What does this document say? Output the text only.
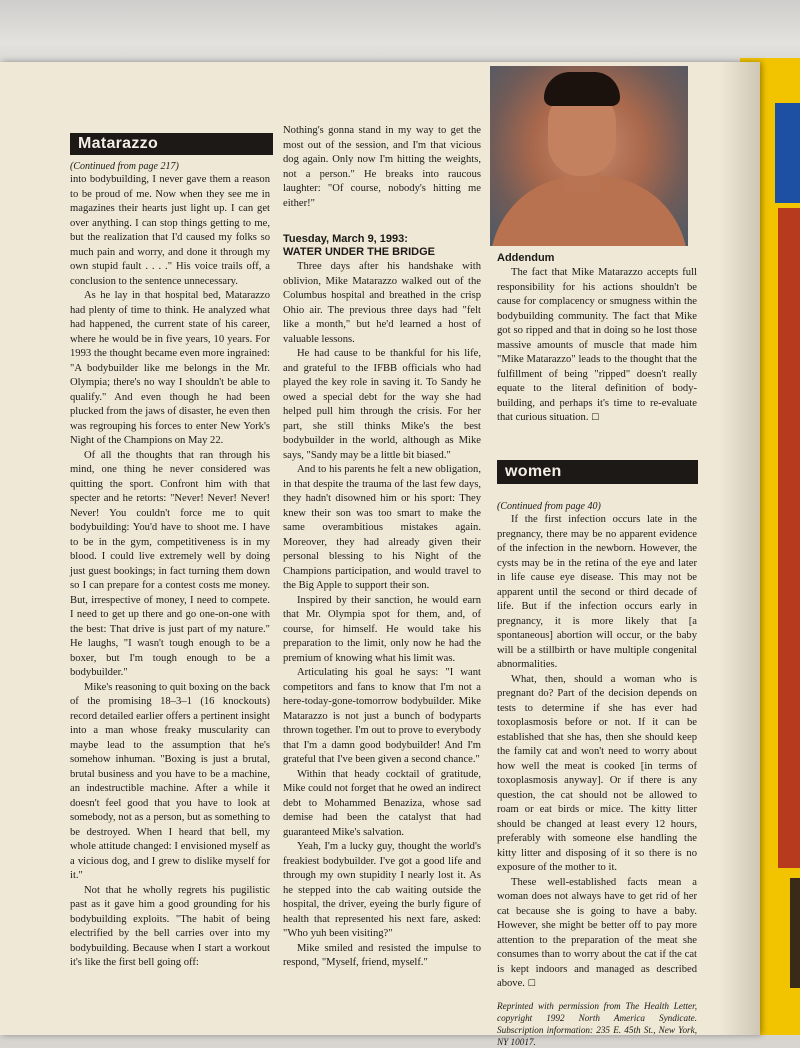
Matarazzo

(Continued from page 217)

into bodybuilding, I never gave them a reason to be proud of me. Now when they see me in magazines their hearts just light up. I can get over anything. I can stop things getting to me, but the realization that I'd caused my folks so much pain and worry, and done it through my own stupid fault . . . ." His voice trails off, a conclusion to the sentence unnecessary.

As he lay in that hospital bed, Matarazzo had plenty of time to think. He analyzed what had happened, the current state of his career, where he would be in five years, 10 years. For 1993 the thought became even more ingrained: "A bodybuilder like me belongs in the Mr. Olympia; there's no way I shouldn't be able to qualify." And even though he had been plucked from the jaws of disaster, he even then was regrouping his forces to enter New York's Night of the Champions on May 22.

Of all the thoughts that ran through his mind, one thing he never considered was quitting the sport. Confront him with that specter and he retorts: "Never! Never! Never! Never! You couldn't force me to quit bodybuilding: You'd have to shoot me. I have to be in the gym, competitiveness is in my blood. I could live extremely well by doing just guest bookings; in fact turning them down so I can prepare for a contest costs me money. But, irrespective of money, I need to compete. I need to get up there and go one-on-one with the best: That drive is just part of my nature." He laughs, "I wasn't tough enough to be a boxer, but I'm tough enough to be a bodybuilder."

Mike's reasoning to quit boxing on the back of the promising 18–3–1 (16 knockouts) record detailed earlier offers a pertinent insight into a man whose freaky muscularity can maybe lead to the assumption that he's somehow inhuman. "Boxing is just a brutal, brutal business and you have to be a machine, an indestructible machine. After a while it doesn't feel good that you have to look at somebody, not as a person, but as something to be destroyed. When I heard that bell, my whole attitude changed: I envisioned myself as a vicious dog, and I grew to dislike myself for it."

Not that he wholly regrets his pugilistic past as it gave him a good grounding for his bodybuilding exploits. "The habit of being electrified by the bell carries over into my bodybuilding. Because when I start a workout it's like the first bell going off:

Nothing's gonna stand in my way to get the most out of the session, and I'm that vicious dog again. Only now I'm hitting the weights, not a person." He breaks into raucous laughter: "Of course, nobody's hitting me either!"

Tuesday, March 9, 1993:
WATER UNDER THE BRIDGE

Three days after his handshake with oblivion, Mike Matarazzo walked out of the Columbus hospital and breathed in the crisp Ohio air. The previous three days had "felt like a month," but he'd learned a host of valuable lessons.

He had cause to be thankful for his life, and grateful to the IFBB officials who had played the key role in saving it. To Sandy he owed a special debt for the way she had helped pull him through the crisis. For her part, she still thinks Mike's the best bodybuilder in the world, although as Mike says, "Sandy may be a little bit biased."

And to his parents he felt a new obligation, in that despite the trauma of the last few days, they hadn't disowned him or his sport: They knew their son was too smart to make the same overambitious mistakes again. Moreover, they had already given their personal blessing to his Night of the Champions participation, and would travel to the Big Apple to support their son.

Inspired by their sanction, he would earn that Mr. Olympia spot for them, and, of course, for himself. He would take his preparation to the limit, only now he had the premium of knowing what his limit was.

Articulating his goal he says: "I want competitors and fans to know that I'm not a here-today-gone-tomorrow bodybuilder. Mike Matarazzo is not just a bunch of bodyparts thrown together. I'm out to prove to everybody that I'm a damn good bodybuilder! And I'm grateful that I've been given a second chance."

Within that heady cocktail of gratitude, Mike could not forget that he owed an indirect debt to Mohammed Benaziza, whose sad demise had been the catalyst that had guaranteed Mike's salvation.

Yeah, I'm a lucky guy, thought the world's freakiest bodybuilder. I've got a good life and through my own stupidity I nearly lost it. As he stepped into the cab waiting outside the hospital, the driver, eyeing the burly figure of health that represented his next fare, asked: "Who yuh been visiting?"

Mike smiled and resisted the impulse to respond, "Myself, friend, myself."

Addendum

The fact that Mike Matarazzo accepts full responsibility for his actions shouldn't be cause for complacency or smugness within the bodybuilding community. The fact that Mike got so ripped and that in doing so he lost those massive amounts of muscle that made him "Mike Matarazzo" leads to the thought that the fulfillment of being "ripped" doesn't really equate to the literal definition of body-building, and perhaps it's time to re-evaluate that curious situation. ☐

women

(Continued from page 40)

If the first infection occurs late in the pregnancy, there may be no apparent evidence of the infection in the newborn. However, the cysts may be in the retina of the eye and later in life cause eye disease. This may not be apparent until the second or third decade of life. But if the infection occurs early in pregnancy, it is more likely that [a spontaneous] abortion will occur, or the baby will be a stillbirth or have multiple congenital abnormalities.

What, then, should a woman who is pregnant do? Part of the decision depends on tests to determine if she has ever had toxoplasmosis before or not. If it can be established that she has, then she should keep the family cat and won't need to worry about how well the meat is cooked [in terms of toxoplasmosis anyway]. Or if there is any question, the cat should not be allowed to roam or eat birds or mice. The kitty litter should be changed at least every 12 hours, preferably with someone else handling the kitty litter and disposing of it so there is no exposure of the mother to it.

These well-established facts mean a woman does not always have to get rid of her cat because she is going to have a baby. However, she might be better off to pay more attention to the preparation of the meat she consumes than to worry about the cat if the cat is kept indoors and managed as described above. ☐

Reprinted with permission from The Health Letter, copyright 1992 North America Syndicate. Subscription information: 235 E. 45th St., New York, NY 10017.
